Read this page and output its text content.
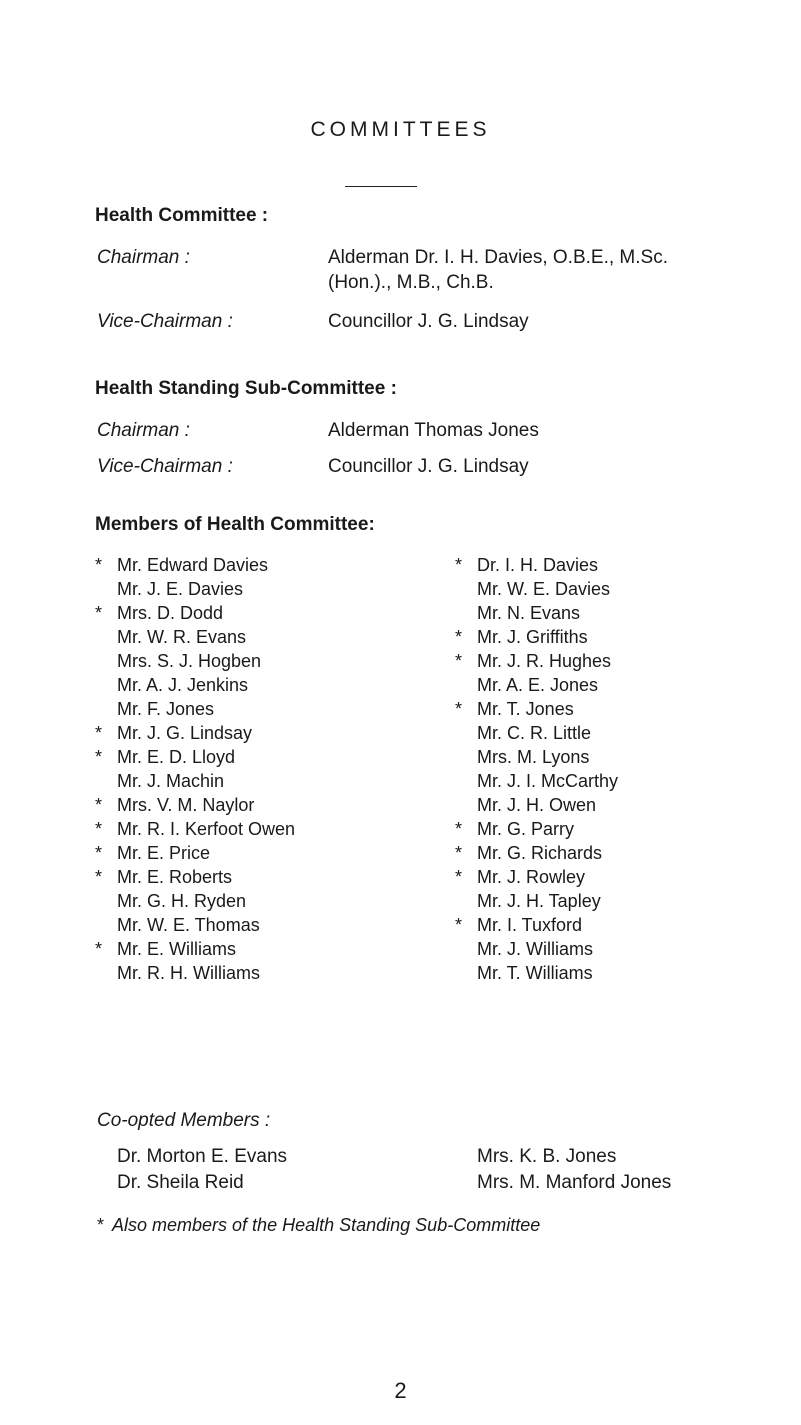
COMMITTEES
Health Committee :
Chairman :	Alderman Dr. I. H. Davies, O.B.E., M.Sc.
(Hon.)., M.B., Ch.B.
Vice-Chairman :	Councillor J. G. Lindsay
Health Standing Sub-Committee :
Chairman :	Alderman Thomas Jones
Vice-Chairman :	Councillor J. G. Lindsay
Members of Health Committee:
* Mr. Edward Davies
Mr. J. E. Davies
* Mrs. D. Dodd
Mr. W. R. Evans
Mrs. S. J. Hogben
Mr. A. J. Jenkins
Mr. F. Jones
* Mr. J. G. Lindsay
* Mr. E. D. Lloyd
Mr. J. Machin
* Mrs. V. M. Naylor
* Mr. R. I. Kerfoot Owen
* Mr. E. Price
* Mr. E. Roberts
Mr. G. H. Ryden
Mr. W. E. Thomas
* Mr. E. Williams
Mr. R. H. Williams
* Dr. I. H. Davies
Mr. W. E. Davies
Mr. N. Evans
* Mr. J. Griffiths
* Mr. J. R. Hughes
Mr. A. E. Jones
* Mr. T. Jones
Mr. C. R. Little
Mrs. M. Lyons
Mr. J. I. McCarthy
Mr. J. H. Owen
* Mr. G. Parry
* Mr. G. Richards
* Mr. J. Rowley
Mr. J. H. Tapley
* Mr. I. Tuxford
Mr. J. Williams
Mr. T. Williams
Co-opted Members :
Dr. Morton E. Evans
Dr. Sheila Reid
Mrs. K. B. Jones
Mrs. M. Manford Jones
* Also members of the Health Standing Sub-Committee
2
